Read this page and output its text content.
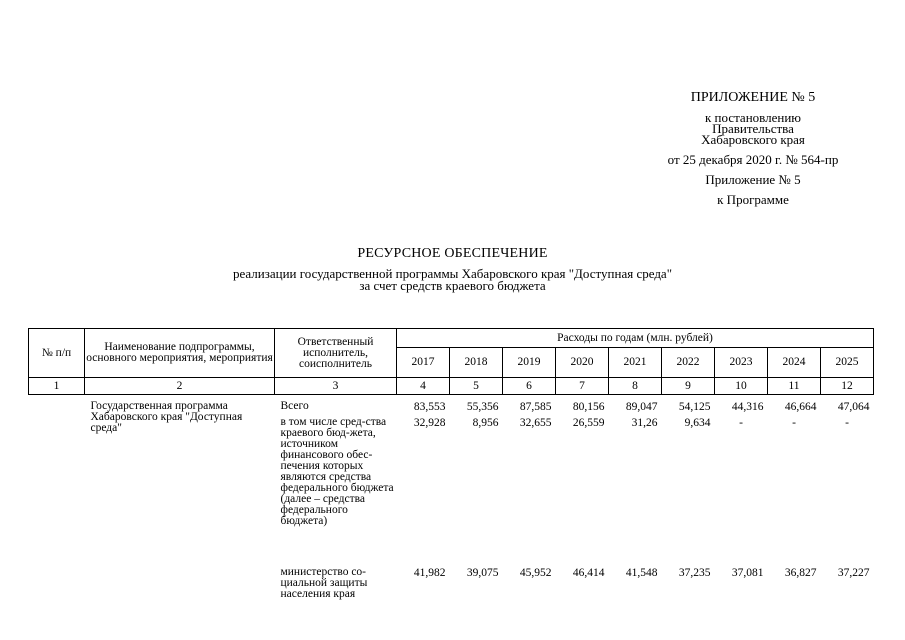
ПРИЛОЖЕНИЕ № 5
к постановлению
Правительства
Хабаровского края
от 25 декабря 2020 г. № 564-пр
Приложение № 5
к Программе
РЕСУРСНОЕ ОБЕСПЕЧЕНИЕ
реализации государственной программы Хабаровского края "Доступная среда"
за счет средств краевого бюджета
№ п/п	Наименование подпрограммы, основного мероприятия, мероприятия	Ответственный исполнитель, соисполнитель	Расходы по годам (млн. рублей)								
			2017	2018	2019	2020	2021	2022	2023	2024	2025
1	2	3	4	5	6	7	8	9	10	11	12
	Государственная программа Хабаровского края "Доступная среда"	Всего	83,553	55,356	87,585	80,156	89,047	54,125	44,316	46,664	47,064
		в том числе сред-ства краевого бюд-жета, источником финансового обес-печения которых являются средства федерального бюджета (далее – средства федерального бюджета)	32,928	8,956	32,655	26,559	31,26	9,634	-	-	-
		министерство со-циальной защиты населения края	41,982	39,075	45,952	46,414	41,548	37,235	37,081	36,827	37,227
